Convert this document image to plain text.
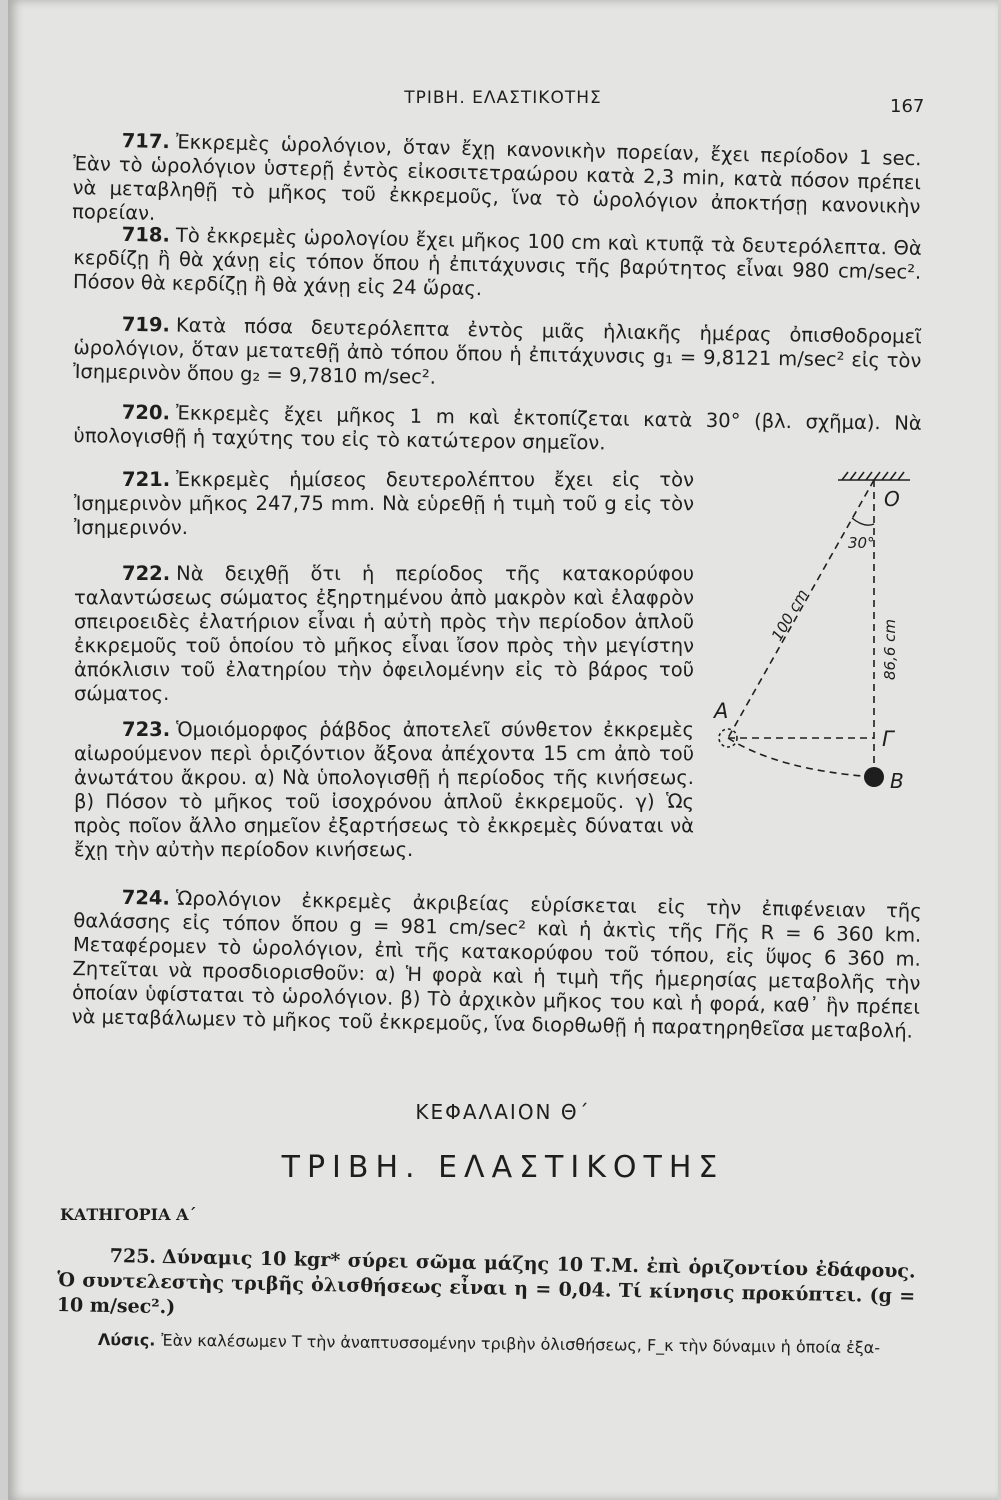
ΤΡΙΒΗ. ΕΛΑΣΤΙΚΟΤΗΣ	167

717. Ἐκκρεμὲς ὡρολόγιον, ὅταν ἔχῃ κανονικὴν πορείαν, ἔχει περίοδον 1 sec. Ἐὰν τὸ ὡρολόγιον ὑστερῇ ἐντὸς εἰκοσιτετραώρου κατὰ 2,3 min, κατὰ πόσον πρέπει νὰ μεταβληθῇ τὸ μῆκος τοῦ ἐκκρεμοῦς, ἵνα τὸ ὡρολόγιον ἀποκτήσῃ κανονικὴν πορείαν.

718. Τὸ ἐκκρεμὲς ὡρολογίου ἔχει μῆκος 100 cm καὶ κτυπᾷ τὰ δευτερόλεπτα. Θὰ κερδίζῃ ἢ θὰ χάνῃ εἰς τόπον ὅπου ἡ ἐπιτάχυνσις τῆς βαρύτητος εἶναι 980 cm/sec². Πόσον θὰ κερδίζῃ ἢ θὰ χάνῃ εἰς 24 ὥρας.

719. Κατὰ πόσα δευτερόλεπτα ἐντὸς μιᾶς ἡλιακῆς ἡμέρας ὀπισθοδρομεῖ ὡρολόγιον, ὅταν μετατεθῇ ἀπὸ τόπου ὅπου ἡ ἐπιτάχυνσις g₁ = 9,8121 m/sec² εἰς τὸν Ἰσημερινὸν ὅπου g₂ = 9,7810 m/sec².

720. Ἐκκρεμὲς ἔχει μῆκος 1 m καὶ ἐκτοπίζεται κατὰ 30° (βλ. σχῆμα). Νὰ ὑπολογισθῇ ἡ ταχύτης του εἰς τὸ κατώτερον σημεῖον.

721. Ἐκκρεμὲς ἡμίσεος δευτερολέπτου ἔχει εἰς τὸν Ἰσημερινὸν μῆκος 247,75 mm. Νὰ εὑρεθῇ ἡ τιμὴ τοῦ g εἰς τὸν Ἰσημερινόν.

722. Νὰ δειχθῇ ὅτι ἡ περίοδος τῆς κατακορύφου ταλαντώσεως σώματος ἐξηρτημένου ἀπὸ μακρὸν καὶ ἐλαφρὸν σπειροειδὲς ἐλατήριον εἶναι ἡ αὐτὴ πρὸς τὴν περίοδον ἁπλοῦ ἐκκρεμοῦς τοῦ ὁποίου τὸ μῆκος εἶναι ἴσον πρὸς τὴν μεγίστην ἀπόκλισιν τοῦ ἐλατηρίου τὴν ὀφειλομένην εἰς τὸ βάρος τοῦ σώματος.

723. Ὁμοιόμορφος ῥάβδος ἀποτελεῖ σύνθετον ἐκκρεμὲς αἰωρούμενον περὶ ὁριζόντιον ἄξονα ἀπέχοντα 15 cm ἀπὸ τοῦ ἀνωτάτου ἄκρου. α) Νὰ ὑπολογισθῇ ἡ περίοδος τῆς κινήσεως. β) Πόσον τὸ μῆκος τοῦ ἰσοχρόνου ἁπλοῦ ἐκκρεμοῦς. γ) Ὡς πρὸς ποῖον ἄλλο σημεῖον ἐξαρτήσεως τὸ ἐκκρεμὲς δύναται νὰ ἔχῃ τὴν αὐτὴν περίοδον κινήσεως.

724. Ὡρολόγιον ἐκκρεμὲς ἀκριβείας εὑρίσκεται εἰς τὴν ἐπιφένειαν τῆς θαλάσσης εἰς τόπον ὅπου g = 981 cm/sec² καὶ ἡ ἀκτὶς τῆς Γῆς R = 6 360 km. Μεταφέρομεν τὸ ὡρολόγιον, ἐπὶ τῆς κατακορύφου τοῦ τόπου, εἰς ὕψος 6 360 m. Ζητεῖται νὰ προσδιορισθοῦν: α) Ἡ φορὰ καὶ ἡ τιμὴ τῆς ἡμερησίας μεταβολῆς τὴν ὁποίαν ὑφίσταται τὸ ὡρολόγιον. β) Τὸ ἀρχικὸν μῆκος του καὶ ἡ φορά, καθ᾽ ἣν πρέπει νὰ μεταβάλωμεν τὸ μῆκος τοῦ ἐκκρεμοῦς, ἵνα διορθωθῇ ἡ παρατηρηθεῖσα μεταβολή.

O
30°
100 cm
86,6 cm
A
Γ
B
ΚΕΦΑΛΑΙΟΝ Θ΄
ΤΡΙΒΗ. ΕΛΑΣΤΙΚΟΤΗΣ
ΚΑΤΗΓΟΡΙΑ Α΄

725. Δύναμις 10 kgr* σύρει σῶμα μάζης 10 Τ.Μ. ἐπὶ ὁριζοντίου ἐδάφους. Ὁ συντελεστὴς τριβῆς ὀλισθήσεως εἶναι η = 0,04. Τί κίνησις προκύπτει. (g = 10 m/sec².)

Λύσις. Ἐὰν καλέσωμεν T τὴν ἀναπτυσσομένην τριβὴν ὀλισθήσεως, F_κ τὴν δύναμιν ἡ ὁποία ἐξα-
